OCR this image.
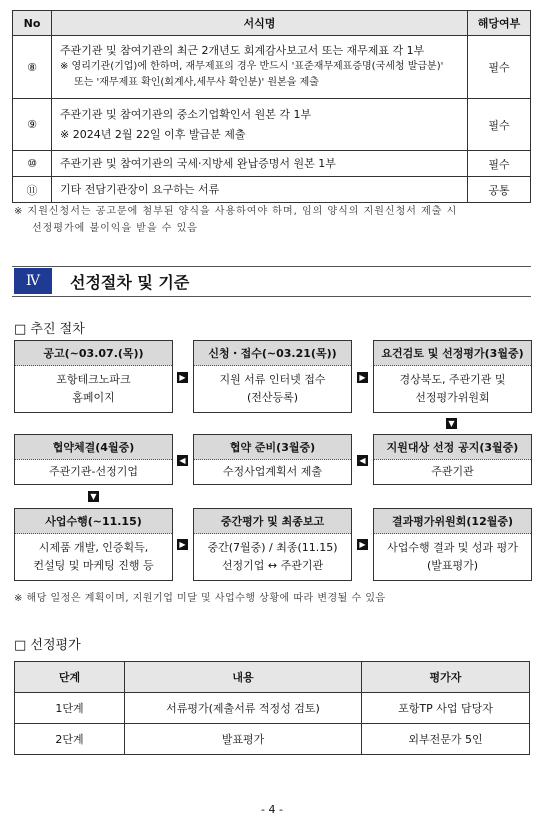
No	서식명	해당여부
⑧	주관기관 및 참여기관의 최근 2개년도 회계감사보고서 또는 재무제표 각 1부
※ 영리기관(기업)에 한하며, 재무제표의 경우 반드시 '표준재무제표증명(국세청 발급분)'
또는 '재무제표 확인(회계사,세무사 확인분)' 원본을 제출	필수
⑨	주관기관 및 참여기관의 중소기업확인서 원본 각 1부
※ 2024년 2월 22일 이후 발급분 제출	필수
⑩	주관기관 및 참여기관의 국세·지방세 완납증명서 원본 1부	필수
⑪	기타 전담기관장이 요구하는 서류	공통
※ 지원신청서는 공고문에 첨부된 양식을 사용하여야 하며, 임의 양식의 지원신청서 제출 시
선정평가에 불이익을 받을 수 있음
Ⅳ 선정절차 및 기준
□ 추진 절차
공고(~03.07.(목))
포항테크노파크
홈페이지
신청・접수(~03.21(목))
지원 서류 인터넷 접수
(전산등록)
요건검토 및 선정평가(3월중)
경상북도, 주관기관 및
선정평가위원회
협약체결(4월중)
주관기관-선정기업
협약 준비(3월중)
수정사업계획서 제출
지원대상 선정 공지(3월중)
주관기관
사업수행(~11.15)
시제품 개발, 인증획득,
컨설팅 및 마케팅 진행 등
중간평가 및 최종보고
중간(7월중) / 최종(11.15)
선정기업 ↔ 주관기관
결과평가위원회(12월중)
사업수행 결과 및 성과 평가
(발표평가)
▶	▶
▼
◀	◀
▼
▶	▶
※ 해당 일정은 계획이며, 지원기업 미달 및 사업수행 상황에 따라 변경될 수 있음
□ 선정평가
단계	내용	평가자
1단계	서류평가(제출서류 적정성 검토)	포항TP 사업 담당자
2단계	발표평가	외부전문가 5인
- 4 -
